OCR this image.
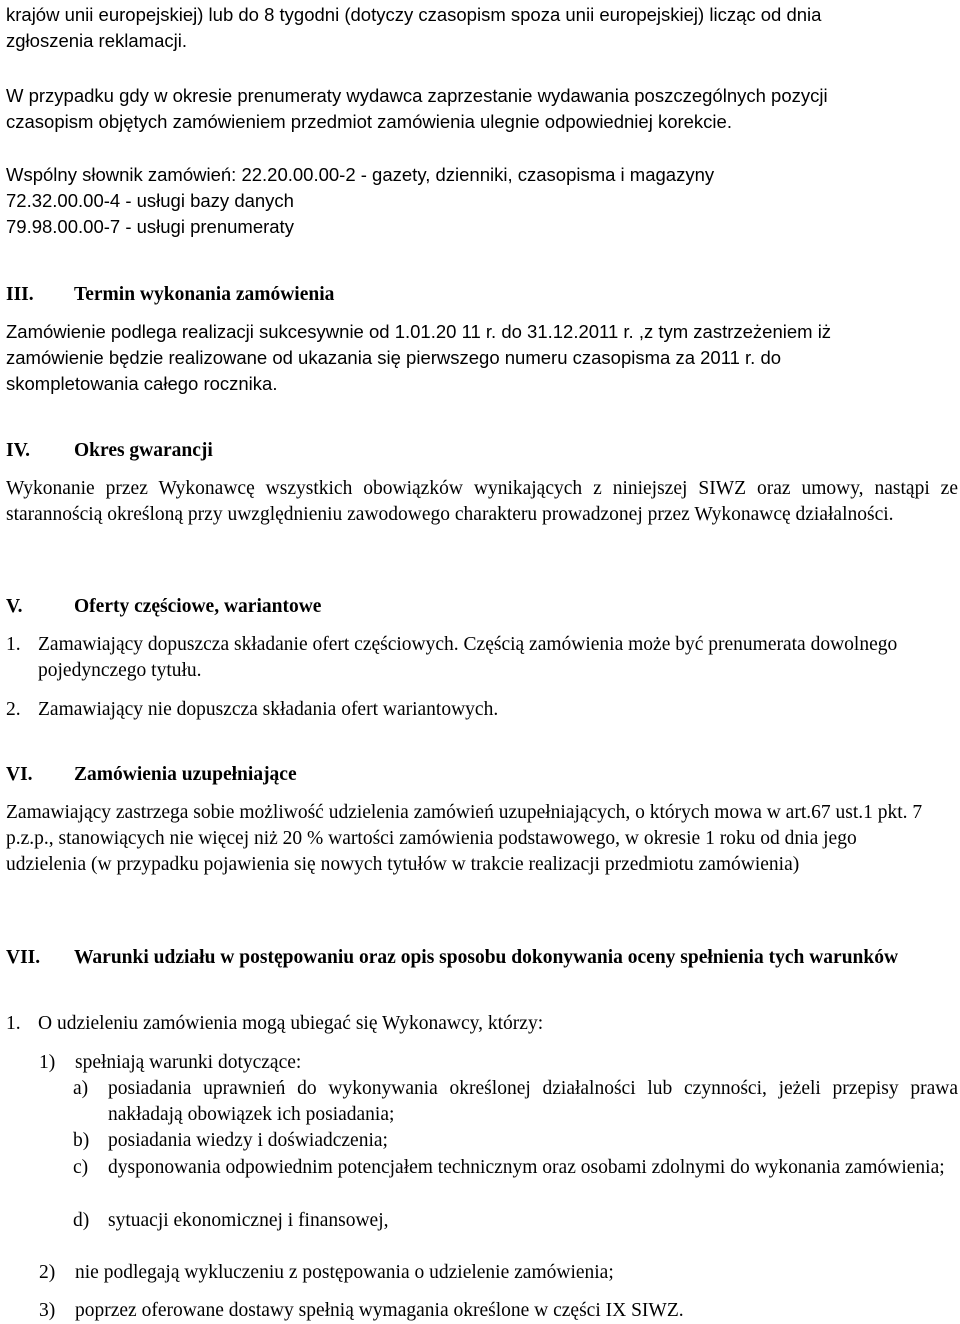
krajów unii europejskiej) lub do 8 tygodni (dotyczy czasopism spoza unii europejskiej) licząc od dnia

zgłoszenia reklamacji.

W przypadku gdy w okresie prenumeraty wydawca zaprzestanie wydawania poszczególnych pozycji

czasopism objętych zamówieniem przedmiot zamówienia ulegnie odpowiedniej korekcie.

Wspólny słownik zamówień: 22.20.00.00-2 - gazety, dzienniki, czasopisma i magazyny

72.32.00.00-4 - usługi bazy danych

79.98.00.00-7 - usługi prenumeraty

III.	Termin wykonania zamówienia

Zamówienie podlega realizacji sukcesywnie od 1.01.20 11 r. do 31.12.2011 r. ,z tym zastrzeżeniem iż

zamówienie będzie realizowane od ukazania się pierwszego numeru czasopisma za 2011 r. do

skompletowania całego rocznika.

IV.	Okres gwarancji

Wykonanie przez Wykonawcę wszystkich obowiązków wynikających z niniejszej SIWZ oraz umowy, nastąpi ze starannością określoną przy uwzględnieniu zawodowego charakteru prowadzonej przez Wykonawcę działalności.

V.	Oferty częściowe, wariantowe
1. Zamawiający dopuszcza składanie ofert częściowych. Częścią zamówienia może być prenumerata dowolnego pojedynczego tytułu.
2. Zamawiający nie dopuszcza składania ofert wariantowych.
VI.	Zamówienia uzupełniające

Zamawiający zastrzega sobie możliwość udzielenia zamówień uzupełniających, o których mowa w art.67 ust.1 pkt. 7 p.z.p., stanowiących nie więcej niż 20 % wartości zamówienia podstawowego, w okresie 1 roku od dnia jego udzielenia (w przypadku pojawienia się nowych tytułów w trakcie realizacji przedmiotu zamówienia)

VII.	Warunki udziału w postępowaniu oraz opis sposobu dokonywania oceny spełnienia tych warunków
1. O udzieleniu zamówienia mogą ubiegać się Wykonawcy, którzy:
1)	spełniają warunki dotyczące:
a)	posiadania uprawnień do wykonywania określonej działalności lub czynności, jeżeli przepisy prawa nakładają obowiązek ich posiadania;
b) posiadania wiedzy i doświadczenia;
c)	dysponowania odpowiednim potencjałem technicznym oraz osobami zdolnymi do wykonania zamówienia;
d) sytuacji ekonomicznej i finansowej,
2)	nie podlegają wykluczeniu z postępowania o udzielenie zamówienia;
3)	poprzez oferowane dostawy spełnią wymagania określone w części IX SIWZ.
